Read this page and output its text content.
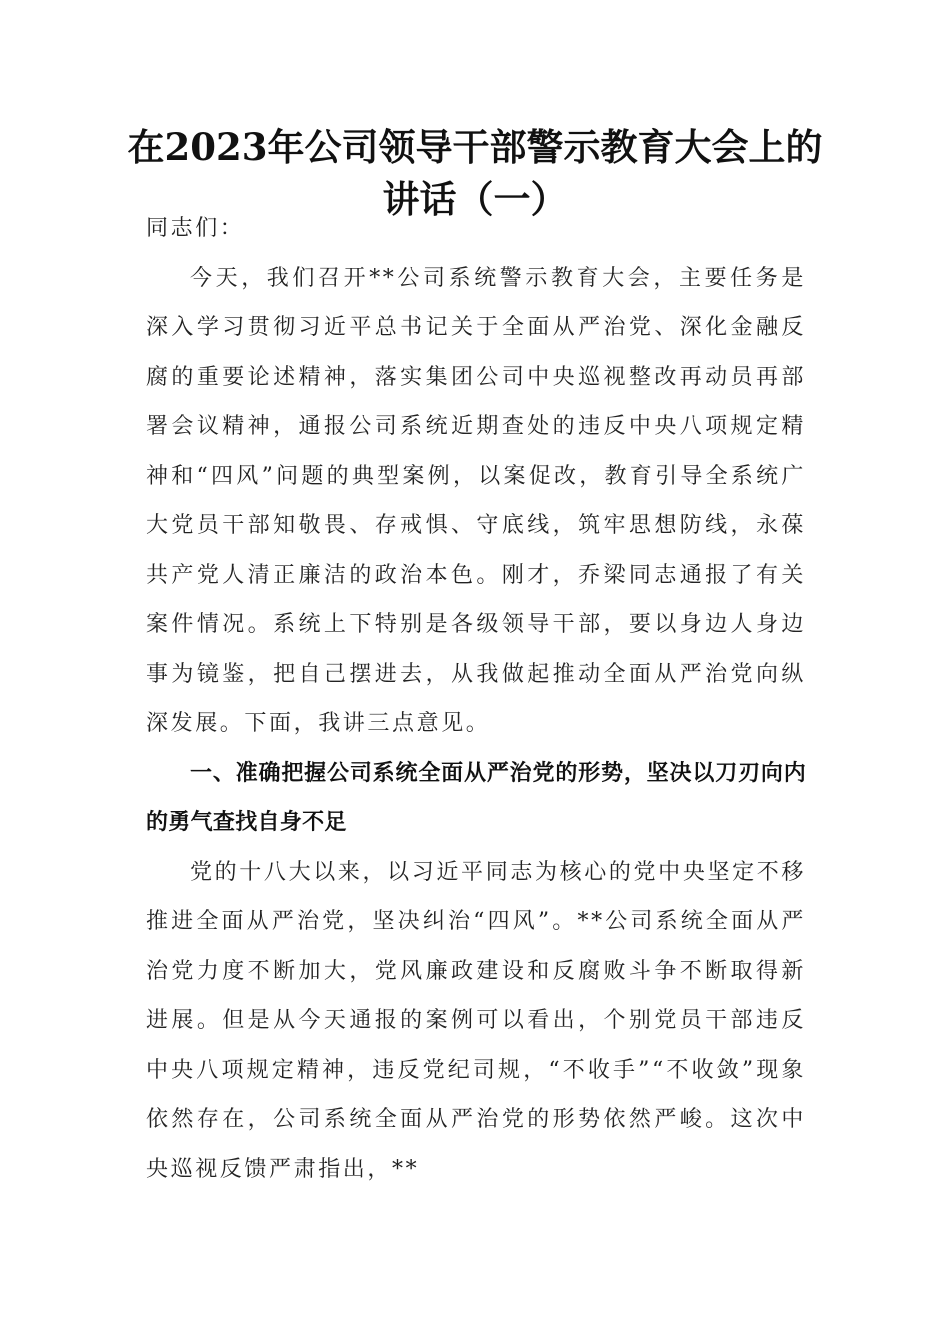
在2023年公司领导干部警示教育大会上的
讲话（一）

同志们：

今天，我们召开**公司系统警示教育大会，主要任务是深入学习贯彻习近平总书记关于全面从严治党、深化金融反腐的重要论述精神，落实集团公司中央巡视整改再动员再部署会议精神，通报公司系统近期查处的违反中央八项规定精神和“四风”问题的典型案例，以案促改，教育引导全系统广大党员干部知敬畏、存戒惧、守底线，筑牢思想防线，永葆共产党人清正廉洁的政治本色。刚才，乔梁同志通报了有关案件情况。系统上下特别是各级领导干部，要以身边人身边事为镜鉴，把自己摆进去，从我做起推动全面从严治党向纵深发展。下面，我讲三点意见。

一、准确把握公司系统全面从严治党的形势，坚决以刀刃向内的勇气查找自身不足

党的十八大以来，以习近平同志为核心的党中央坚定不移推进全面从严治党，坚决纠治“四风”。**公司系统全面从严治党力度不断加大，党风廉政建设和反腐败斗争不断取得新进展。但是从今天通报的案例可以看出，个别党员干部违反中央八项规定精神，违反党纪司规，“不收手”“不收敛”现象依然存在，公司系统全面从严治党的形势依然严峻。这次中央巡视反馈严肃指出，**
